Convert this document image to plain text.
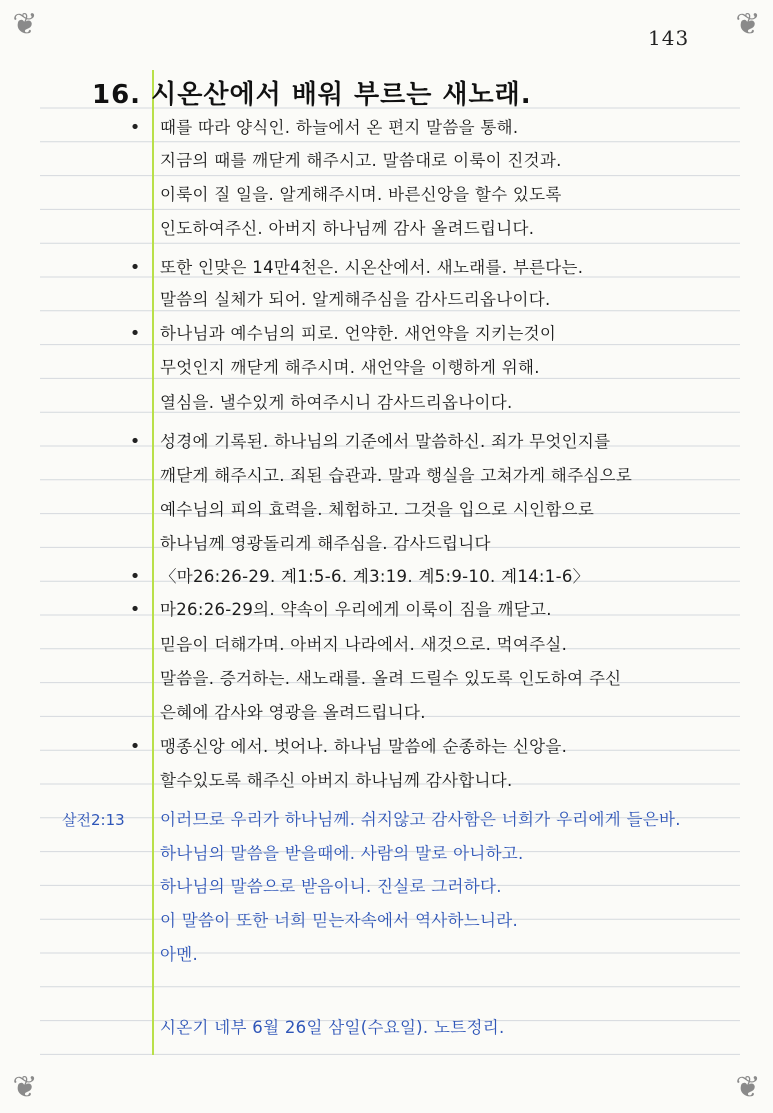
❦	❦
❦	❦
143
16. 시온산에서 배워 부르는 새노래.
•
•
•
•
•
•
•
살전2:13
때를 따라 양식인. 하늘에서 온 편지 말씀을 통해.
지금의 때를 깨닫게 해주시고. 말씀대로 이룩이 진것과.
이룩이 질 일을. 알게해주시며. 바른신앙을 할수 있도록
인도하여주신. 아버지 하나님께 감사 올려드립니다.
또한 인맞은 14만4천은. 시온산에서. 새노래를. 부른다는.
말씀의 실체가 되어. 알게해주심을 감사드리옵나이다.
하나님과 예수님의 피로. 언약한. 새언약을 지키는것이
무엇인지 깨닫게 해주시며. 새언약을 이행하게 위해.
열심을. 낼수있게 하여주시니 감사드리옵나이다.
성경에 기록된. 하나님의 기준에서 말씀하신. 죄가 무엇인지를
깨닫게 해주시고. 죄된 습관과. 말과 행실을 고쳐가게 해주심으로
예수님의 피의 효력을. 체험하고. 그것을 입으로 시인함으로
하나님께 영광돌리게 해주심을. 감사드립니다
〈마26:26-29. 계1:5-6. 계3:19. 계5:9-10. 계14:1-6〉
마26:26-29의. 약속이 우리에게 이룩이 짐을 깨닫고.
믿음이 더해가며. 아버지 나라에서. 새것으로. 먹여주실.
말씀을. 증거하는. 새노래를. 올려 드릴수 있도록 인도하여 주신
은혜에 감사와 영광을 올려드립니다.
맹종신앙 에서. 벗어나. 하나님 말씀에 순종하는 신앙을.
할수있도록 해주신 아버지 하나님께 감사합니다.
이러므로 우리가 하나님께. 쉬지않고 감사함은 너희가 우리에게 들은바.
하나님의 말씀을 받을때에. 사람의 말로 아니하고.
하나님의 말씀으로 받음이니. 진실로 그러하다.
이 말씀이 또한 너희 믿는자속에서 역사하느니라.
아멘.
시온기 네부 6월 26일 삼일(수요일). 노트정리.
